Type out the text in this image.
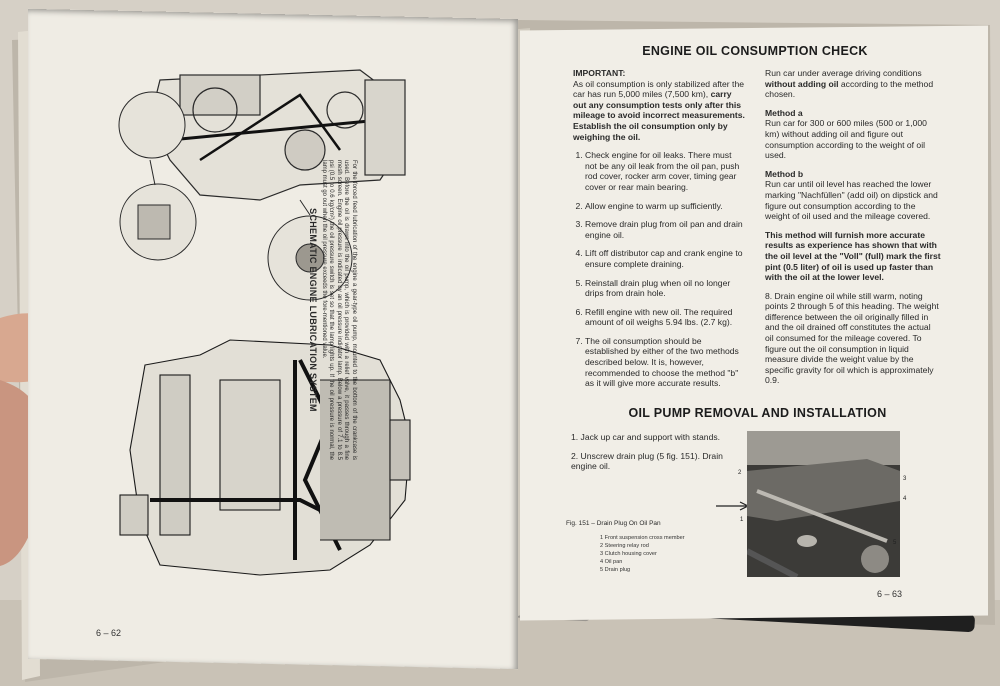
For the forced feed lubrication of the engine a gear-type oil pump, mounted to the bottom of the crankcase is used. Before the oil is drawn into the oil pump, which is provided with a relief valve, it passes through a fine mesh screen. Engine oil pressure is indicated by an oil pressure indicator lamp. Below a pressure of 7.1 to 8.5 psi (0.5 to 0.6 kg/cm²) the oil pressure switch is set so that the lamp lights up. If the oil pressure is normal, the lamp must go out when the oil pressure exceeds the fore-mentioned value.
SCHEMATIC ENGINE LUBRICATION SYSTEM
6 – 62
ENGINE OIL CONSUMPTION CHECK

IMPORTANT:
As oil consumption is only stabilized after the car has run 5,000 miles (7,500 km), carry out any consumption tests only after this mileage to avoid incorrect measurements. Establish the oil consumption only by weighing the oil.

1. Check engine for oil leaks. There must not be any oil leak from the oil pan, push rod cover, rocker arm cover, timing gear cover or rear main bearing.
2. Allow engine to warm up sufficiently.
3. Remove drain plug from oil pan and drain engine oil.
4. Lift off distributor cap and crank engine to ensure complete draining.
5. Reinstall drain plug when oil no longer drips from drain hole.
6. Refill engine with new oil. The required amount of oil weighs 5.94 lbs. (2.7 kg).
7. The oil consumption should be established by either of the two methods described below. It is, however, recommended to choose the method "b" as it will give more accurate results.

Run car under average driving conditions without adding oil according to the method chosen.

Method a
Run car for 300 or 600 miles (500 or 1,000 km) without adding oil and figure out consumption according to the weight of oil used.

Method b
Run car until oil level has reached the lower marking "Nachfüllen" (add oil) on dipstick and figure out consumption according to the weight of oil used and the mileage covered.

This method will furnish more accurate results as experience has shown that with the oil level at the "Voll" (full) mark the first pint (0.5 liter) of oil is used up faster than with the oil at the lower level.

8. Drain engine oil while still warm, noting points 2 through 5 of this heading. The weight difference between the oil originally filled in and the oil drained off constitutes the actual oil consumed for the mileage covered. To figure out the oil consumption in liquid measure divide the weight value by the specific gravity for oil which is approximately 0.9.

OIL PUMP REMOVAL AND INSTALLATION

1. Jack up car and support with stands.

2. Unscrew drain plug (5 fig. 151). Drain engine oil.

Fig. 151 – Drain Plug On Oil Pan
1 Front suspension cross member
2 Steering relay rod
3 Clutch housing cover
4 Oil pan
5 Drain plug
2
1
3
4
5
6 – 63
